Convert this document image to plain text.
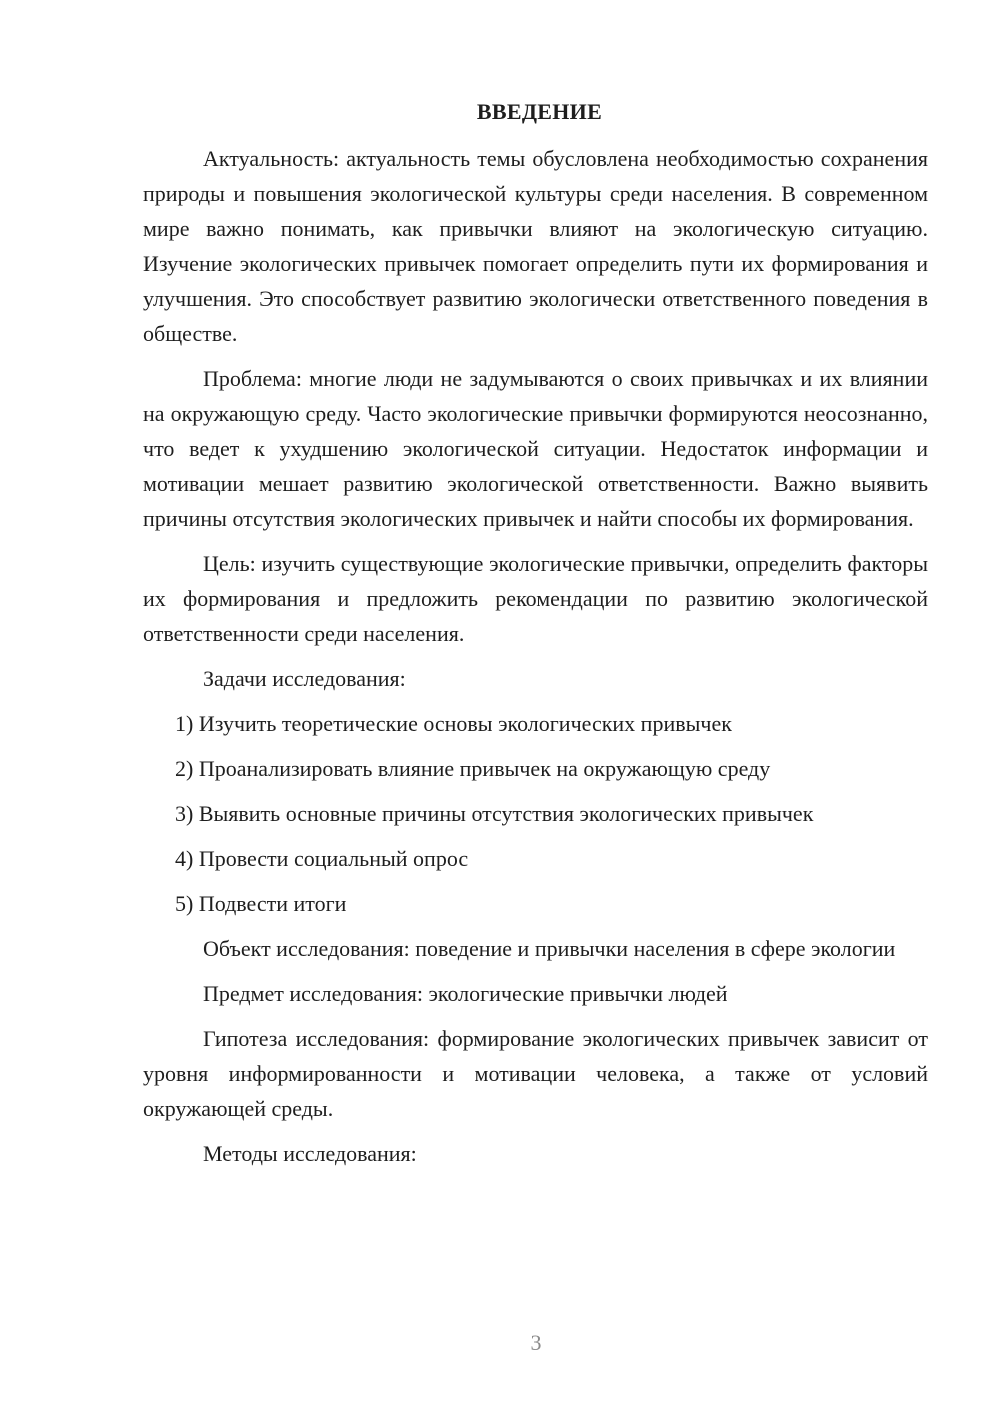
ВВЕДЕНИЕ

Актуальность: актуальность темы обусловлена необходимостью сохранения природы и повышения экологической культуры среди населения. В современном мире важно понимать, как привычки влияют на экологическую ситуацию. Изучение экологических привычек помогает определить пути их формирования и улучшения. Это способствует развитию экологически ответственного поведения в обществе.

Проблема: многие люди не задумываются о своих привычках и их влиянии на окружающую среду. Часто экологические привычки формируются неосознанно, что ведет к ухудшению экологической ситуации. Недостаток информации и мотивации мешает развитию экологической ответственности. Важно выявить причины отсутствия экологических привычек и найти способы их формирования.

Цель: изучить существующие экологические привычки, определить факторы их формирования и предложить рекомендации по развитию экологической ответственности среди населения.

Задачи исследования:

1) Изучить теоретические основы экологических привычек
2) Проанализировать влияние привычек на окружающую среду
3) Выявить основные причины отсутствия экологических привычек
4) Провести социальный опрос
5) Подвести итоги

Объект исследования: поведение и привычки населения в сфере экологии

Предмет исследования: экологические привычки людей

Гипотеза исследования: формирование экологических привычек зависит от уровня информированности и мотивации человека, а также от условий окружающей среды.

Методы исследования:

3
